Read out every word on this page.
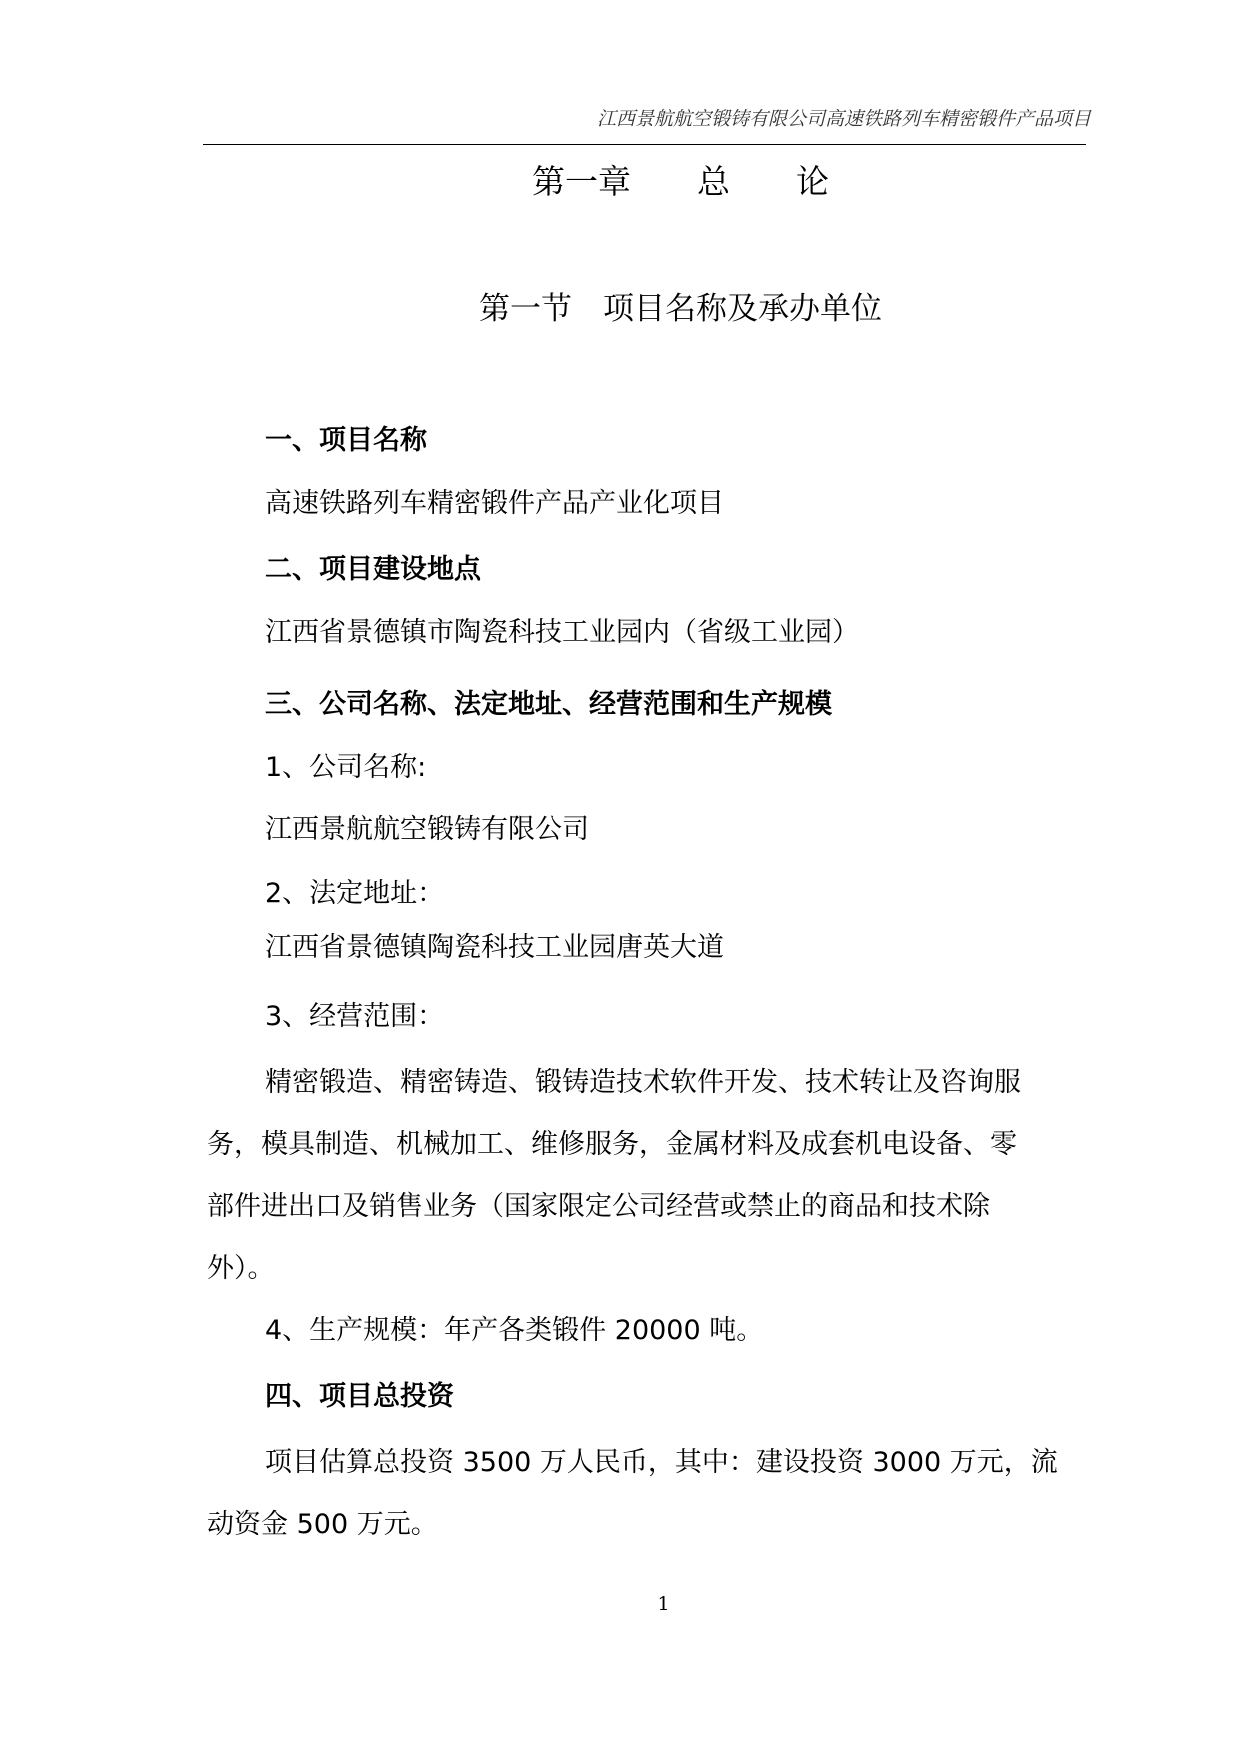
江西景航航空锻铸有限公司高速铁路列车精密锻件产品项目
第一章　　总　　论
第一节　项目名称及承办单位
一、项目名称
高速铁路列车精密锻件产品产业化项目
二、项目建设地点
江西省景德镇市陶瓷科技工业园内（省级工业园）
三、公司名称、法定地址、经营范围和生产规模
1、公司名称:
江西景航航空锻铸有限公司
2、法定地址：
江西省景德镇陶瓷科技工业园唐英大道
3、经营范围：
精密锻造、精密铸造、锻铸造技术软件开发、技术转让及咨询服
务，模具制造、机械加工、维修服务，金属材料及成套机电设备、零
部件进出口及销售业务（国家限定公司经营或禁止的商品和技术除
外）。
4、生产规模：年产各类锻件 20000 吨。
四、项目总投资
项目估算总投资 3500 万人民币，其中：建设投资 3000 万元，流
动资金 500 万元。
1
